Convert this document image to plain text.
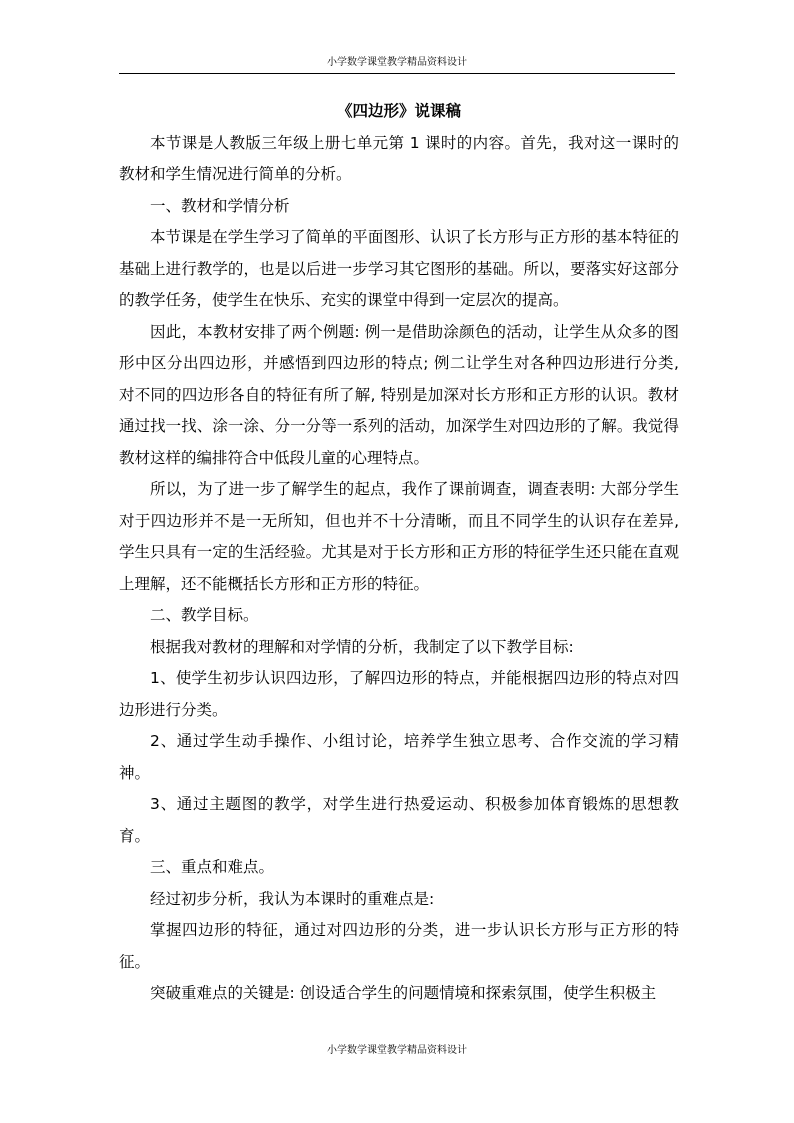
小学数学课堂教学精品资料设计
《四边形》说课稿

本节课是人教版三年级上册七单元第 1 课时的内容。首先，我对这一课时的教材和学生情况进行简单的分析。

一、教材和学情分析

本节课是在学生学习了简单的平面图形、认识了长方形与正方形的基本特征的基础上进行教学的，也是以后进一步学习其它图形的基础。所以，要落实好这部分的教学任务，使学生在快乐、充实的课堂中得到一定层次的提高。

因此，本教材安排了两个例题: 例一是借助涂颜色的活动，让学生从众多的图形中区分出四边形，并感悟到四边形的特点; 例二让学生对各种四边形进行分类, 对不同的四边形各自的特征有所了解, 特别是加深对长方形和正方形的认识。教材通过找一找、涂一涂、分一分等一系列的活动，加深学生对四边形的了解。我觉得教材这样的编排符合中低段儿童的心理特点。

所以，为了进一步了解学生的起点，我作了课前调查，调查表明: 大部分学生对于四边形并不是一无所知，但也并不十分清晰，而且不同学生的认识存在差异, 学生只具有一定的生活经验。尤其是对于长方形和正方形的特征学生还只能在直观上理解，还不能概括长方形和正方形的特征。

二、教学目标。

根据我对教材的理解和对学情的分析，我制定了以下教学目标:

1、使学生初步认识四边形，了解四边形的特点，并能根据四边形的特点对四边形进行分类。

2、通过学生动手操作、小组讨论，培养学生独立思考、合作交流的学习精神。

3、通过主题图的教学，对学生进行热爱运动、积极参加体育锻炼的思想教育。

三、重点和难点。

经过初步分析，我认为本课时的重难点是:

掌握四边形的特征，通过对四边形的分类，进一步认识长方形与正方形的特征。

突破重难点的关键是: 创设适合学生的问题情境和探索氛围，使学生积极主

小学数学课堂教学精品资料设计
